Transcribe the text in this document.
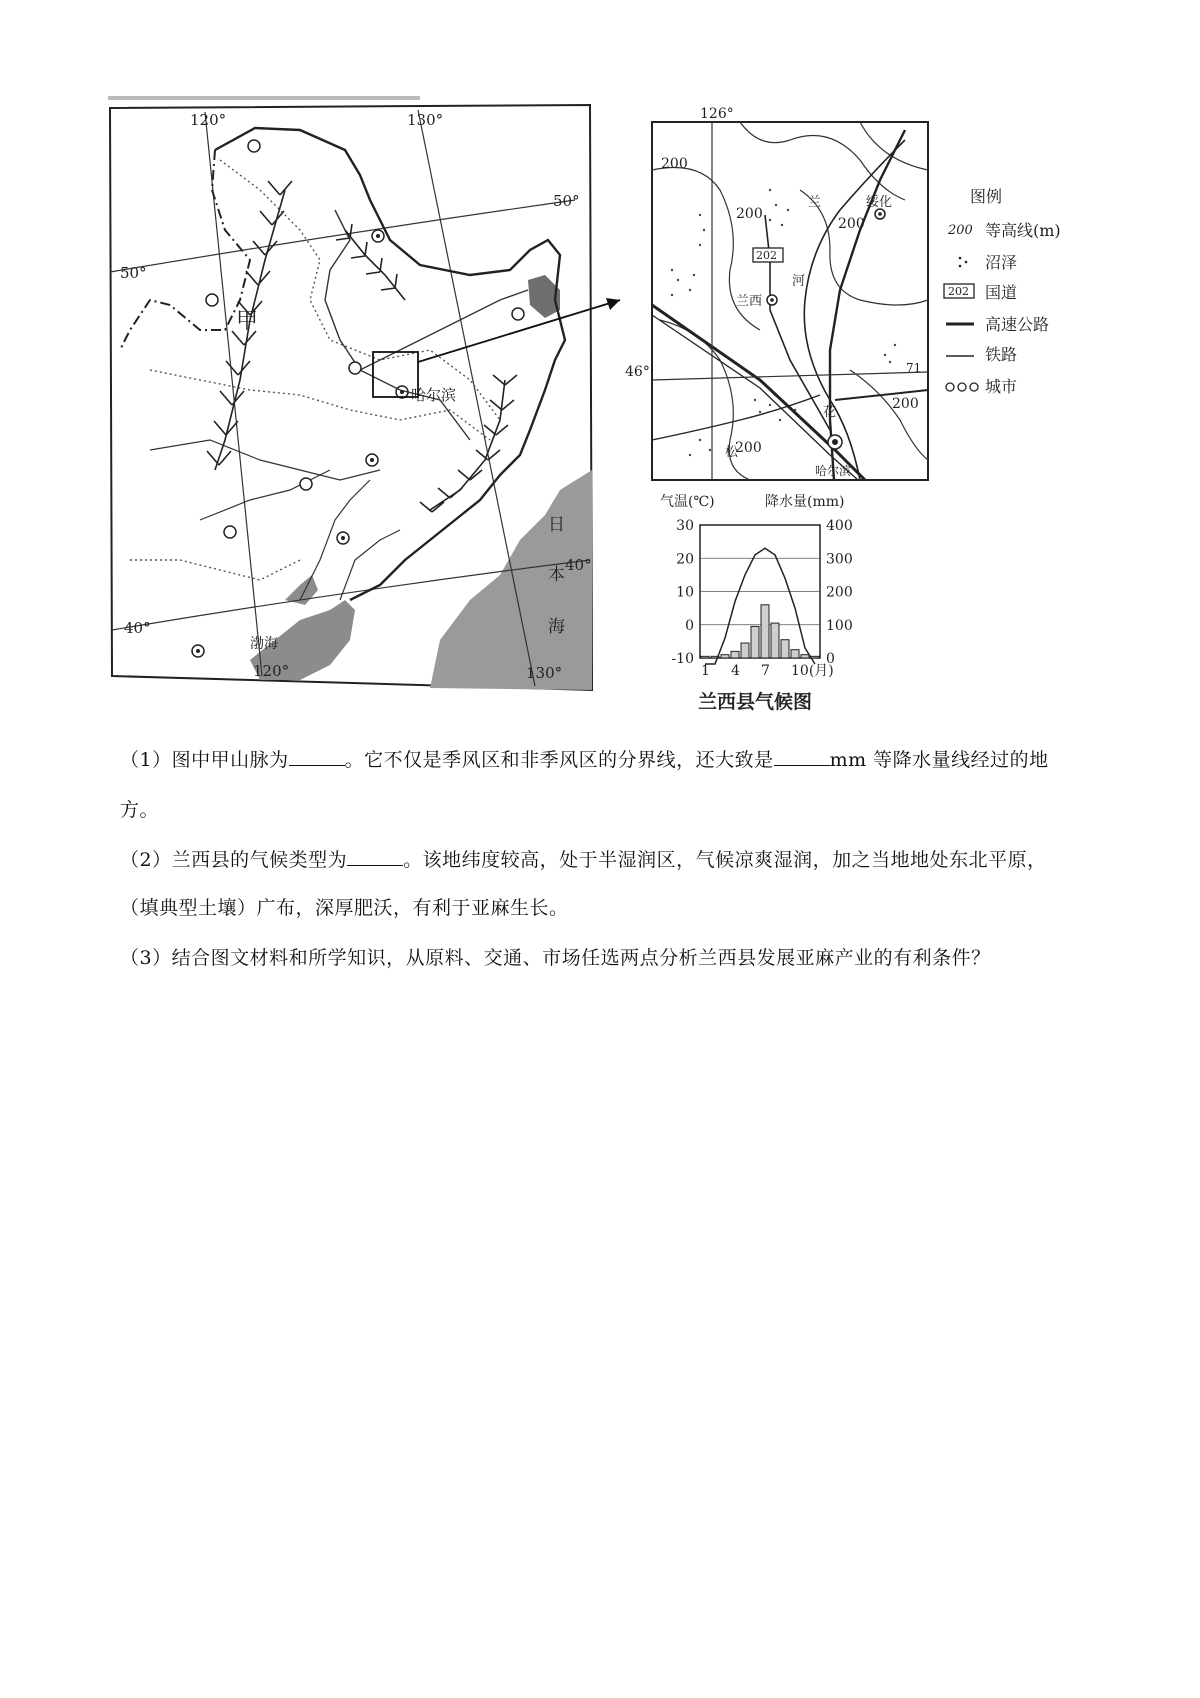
120°	130°
50°
50°
40°
40°
120°	130°
甲
哈尔滨
渤海
日
本
海
126°
46°
200
200
200
200
200
绥化
兰西
哈尔滨
202
兰
河
松
花
71
图例
200
202
等高线(m)
沼泽
国道
高速公路
铁路
城市
气温(℃)	降水量(mm)
30
20
10
0
-10
400
300
200
100
0
1 4 7 10(月)
兰西县气候图
（1）图中甲山脉为	。它不仅是季风区和非季风区的分界线，还大致是	mm 等降水量线经过的地
方。
（2）兰西县的气候类型为	。该地纬度较高，处于半湿润区，气候凉爽湿润，加之当地地处东北平原，
（填典型土壤）广布，深厚肥沃，有利于亚麻生长。
（3）结合图文材料和所学知识，从原料、交通、市场任选两点分析兰西县发展亚麻产业的有利条件？
